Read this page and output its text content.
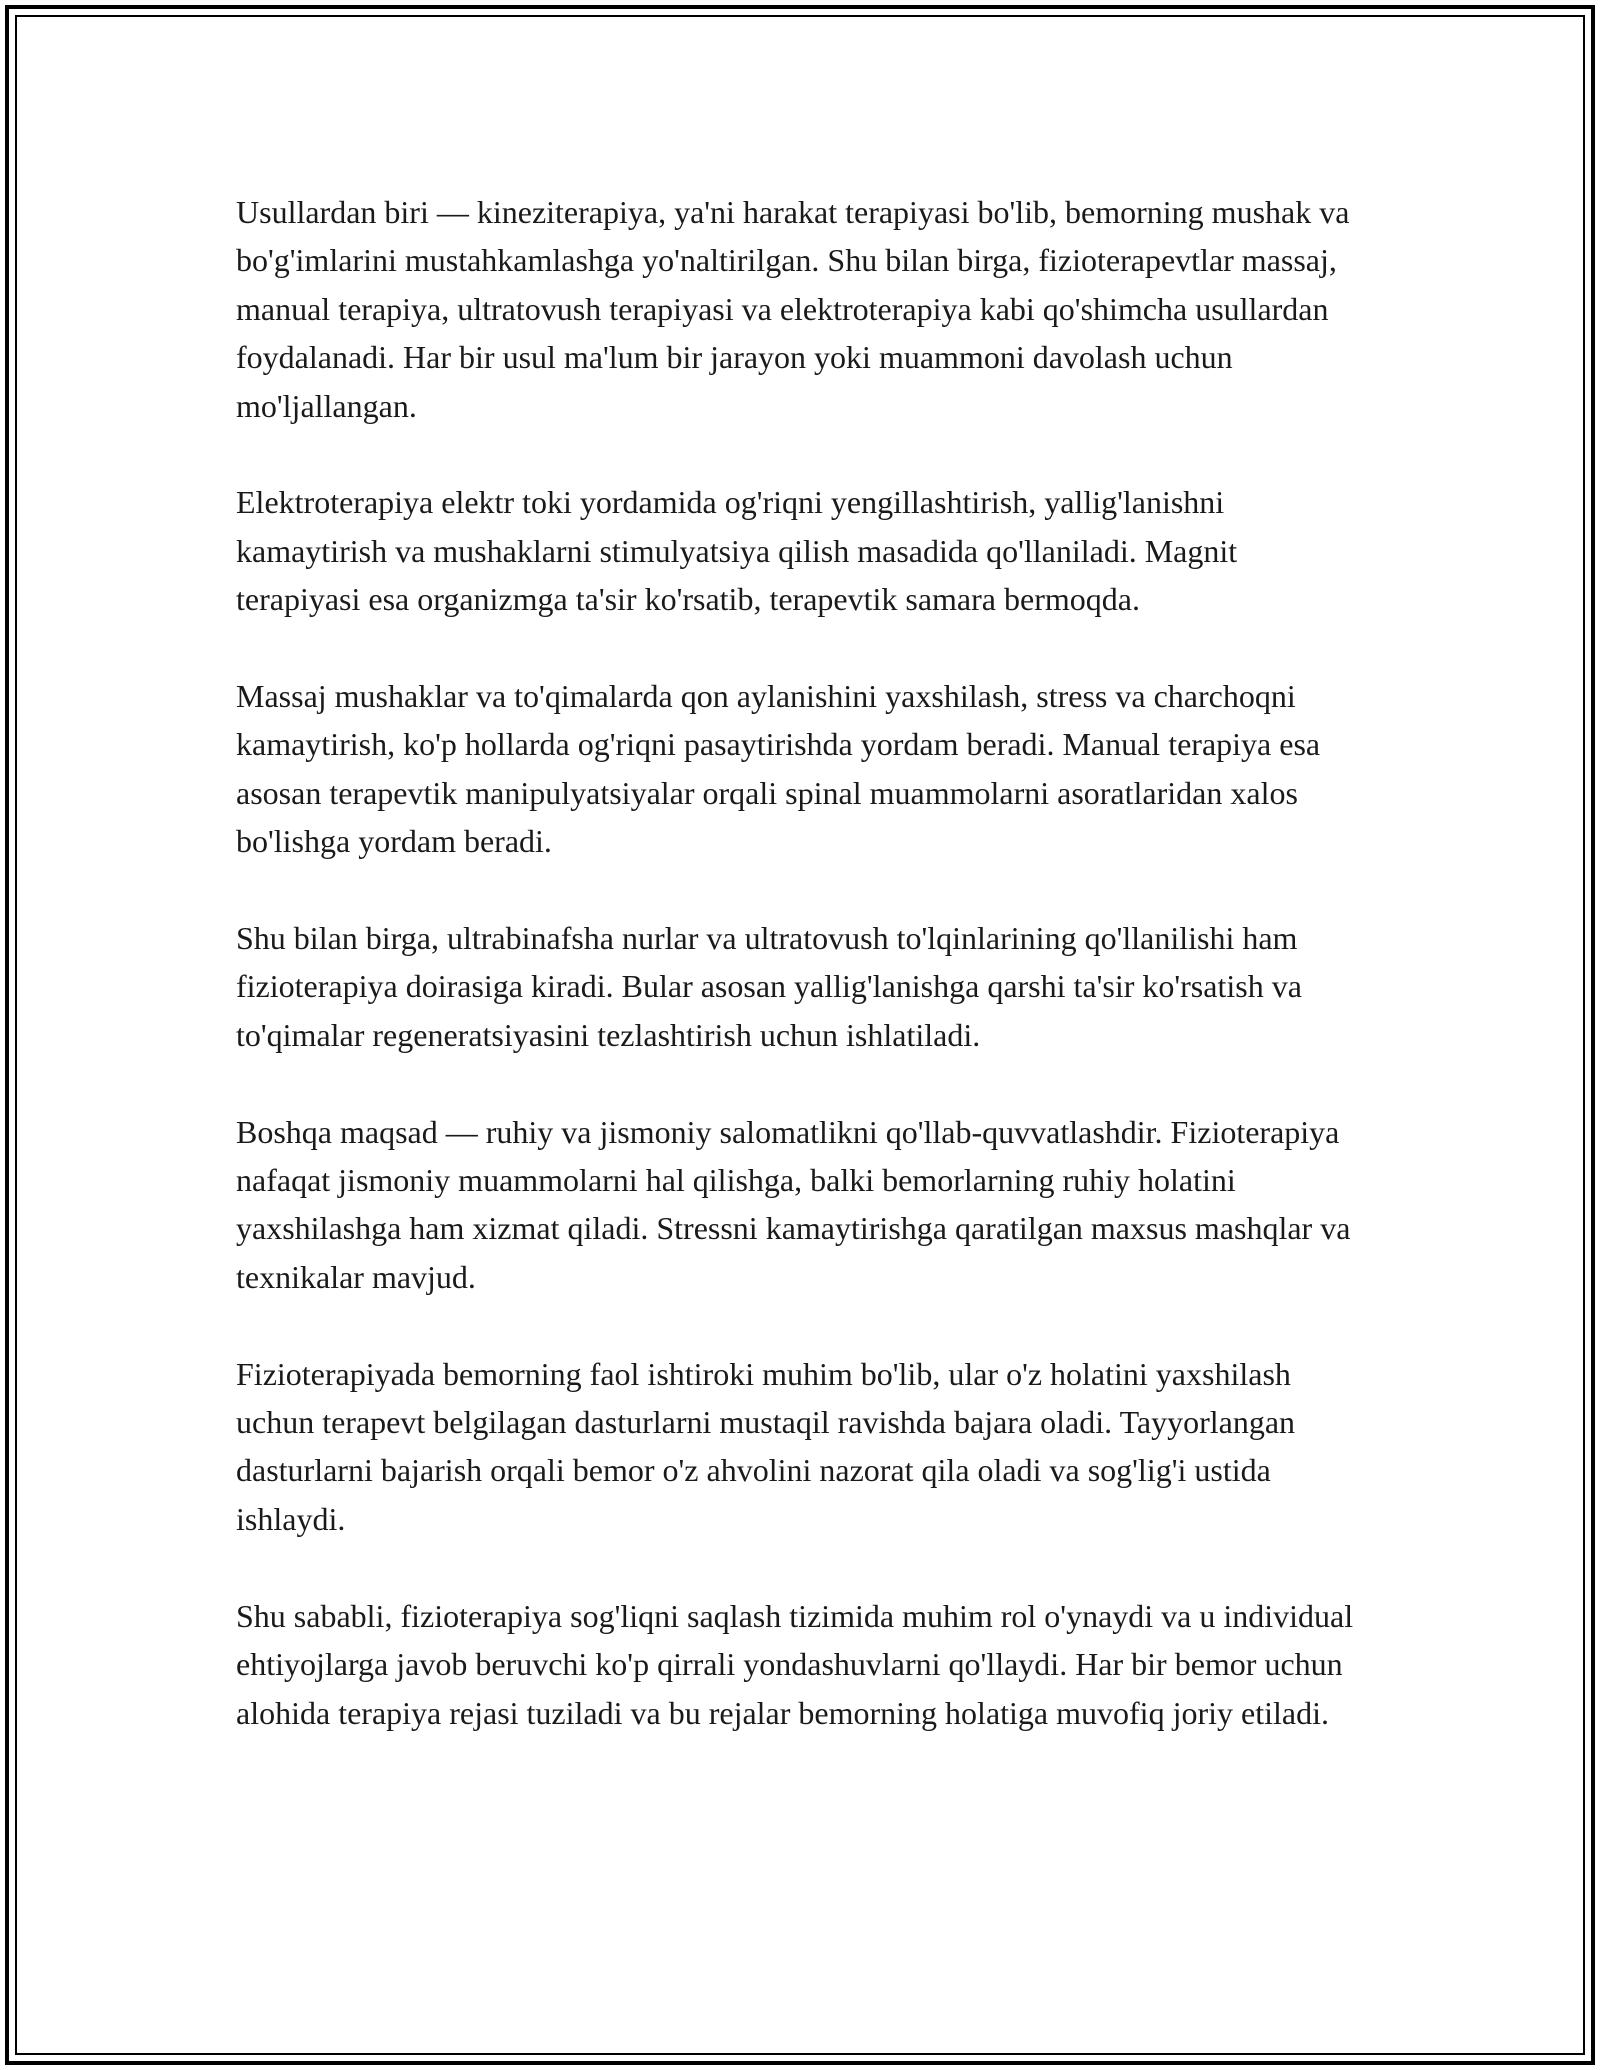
Usullardan biri — kineziterapiya, ya'ni harakat terapiyasi bo'lib, bemorning mushak va bo'g'imlarini mustahkamlashga yo'naltirilgan. Shu bilan birga, fizioterapevtlar massaj, manual terapiya, ultratovush terapiyasi va elektroterapiya kabi qo'shimcha usullardan foydalanadi. Har bir usul ma'lum bir jarayon yoki muammoni davolash uchun mo'ljallangan.

Elektroterapiya elektr toki yordamida og'riqni yengillashtirish, yallig'lanishni kamaytirish va mushaklarni stimulyatsiya qilish masadida qo'llaniladi. Magnit terapiyasi esa organizmga ta'sir ko'rsatib, terapevtik samara bermoqda.

Massaj mushaklar va to'qimalarda qon aylanishini yaxshilash, stress va charchoqni kamaytirish, ko'p hollarda og'riqni pasaytirishda yordam beradi. Manual terapiya esa asosan terapevtik manipulyatsiyalar orqali spinal muammolarni asoratlaridan xalos bo'lishga yordam beradi.

Shu bilan birga, ultrabinafsha nurlar va ultratovush to'lqinlarining qo'llanilishi ham fizioterapiya doirasiga kiradi. Bular asosan yallig'lanishga qarshi ta'sir ko'rsatish va to'qimalar regeneratsiyasini tezlashtirish uchun ishlatiladi.

Boshqa maqsad — ruhiy va jismoniy salomatlikni qo'llab-quvvatlashdir. Fizioterapiya nafaqat jismoniy muammolarni hal qilishga, balki bemorlarning ruhiy holatini yaxshilashga ham xizmat qiladi. Stressni kamaytirishga qaratilgan maxsus mashqlar va texnikalar mavjud.

Fizioterapiyada bemorning faol ishtiroki muhim bo'lib, ular o'z holatini yaxshilash uchun terapevt belgilagan dasturlarni mustaqil ravishda bajara oladi. Tayyorlangan dasturlarni bajarish orqali bemor o'z ahvolini nazorat qila oladi va sog'lig'i ustida ishlaydi.

Shu sababli, fizioterapiya sog'liqni saqlash tizimida muhim rol o'ynaydi va u individual ehtiyojlarga javob beruvchi ko'p qirrali yondashuvlarni qo'llaydi. Har bir bemor uchun alohida terapiya rejasi tuziladi va bu rejalar bemorning holatiga muvofiq joriy etiladi.
